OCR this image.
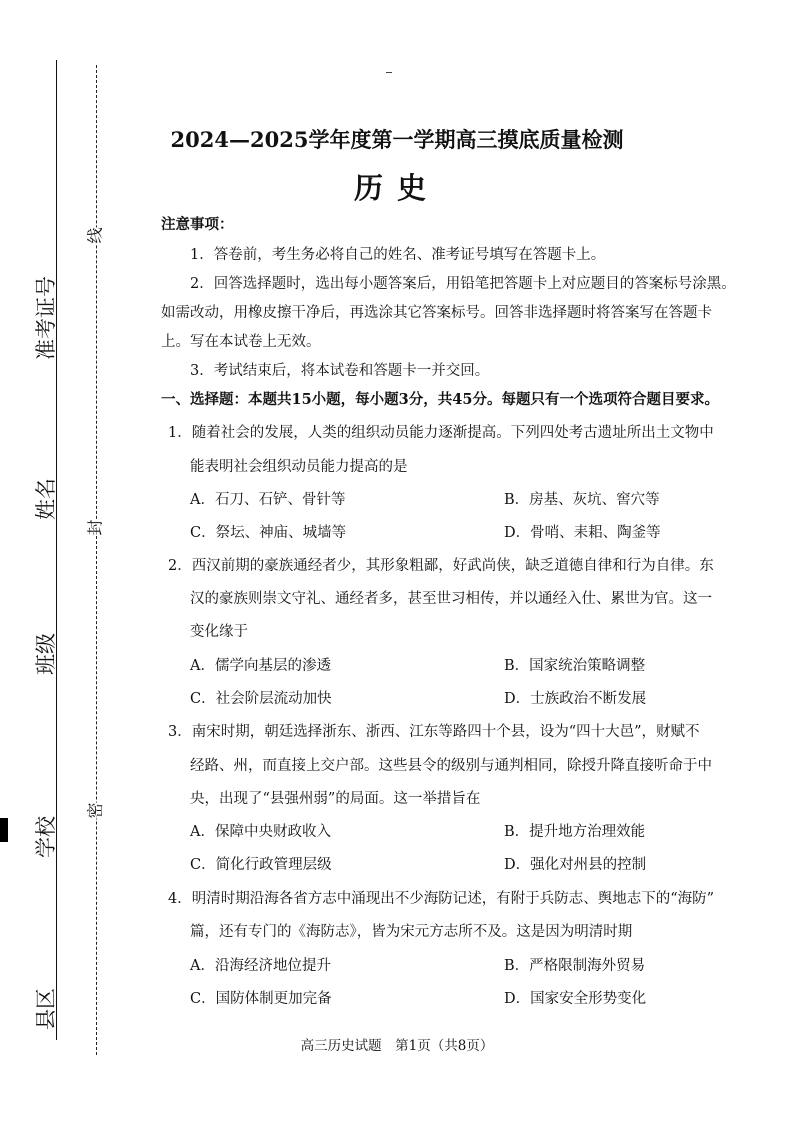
准考证号
姓名
班级
学校
县区
线
封
密
2024—2025学年度第一学期高三摸底质量检测
历史
注意事项：
1．答卷前，考生务必将自己的姓名、准考证号填写在答题卡上。
2．回答选择题时，选出每小题答案后，用铅笔把答题卡上对应题目的答案标号涂黑。
如需改动，用橡皮擦干净后，再选涂其它答案标号。回答非选择题时将答案写在答题卡
上。写在本试卷上无效。
3．考试结束后，将本试卷和答题卡一并交回。
一、选择题：本题共15小题，每小题3分，共45分。每题只有一个选项符合题目要求。
1．随着社会的发展，人类的组织动员能力逐渐提高。下列四处考古遗址所出土文物中
能表明社会组织动员能力提高的是
A．石刀、石铲、骨针等	B．房基、灰坑、窖穴等
C．祭坛、神庙、城墙等	D．骨哨、耒耜、陶釜等
2．西汉前期的豪族通经者少，其形象粗鄙，好武尚侠，缺乏道德自律和行为自律。东
汉的豪族则崇文守礼、通经者多，甚至世习相传，并以通经入仕、累世为官。这一
变化缘于
A．儒学向基层的渗透	B．国家统治策略调整
C．社会阶层流动加快	D．士族政治不断发展
3．南宋时期，朝廷选择浙东、浙西、江东等路四十个县，设为“四十大邑”，财赋不
经路、州，而直接上交户部。这些县令的级别与通判相同，除授升降直接听命于中
央，出现了“县强州弱”的局面。这一举措旨在
A．保障中央财政收入	B．提升地方治理效能
C．简化行政管理层级	D．强化对州县的控制
4．明清时期沿海各省方志中涌现出不少海防记述，有附于兵防志、舆地志下的“海防”
篇，还有专门的《海防志》，皆为宋元方志所不及。这是因为明清时期
A．沿海经济地位提升	B．严格限制海外贸易
C．国防体制更加完备	D．国家安全形势变化
高三历史试题　第1页（共8页）
